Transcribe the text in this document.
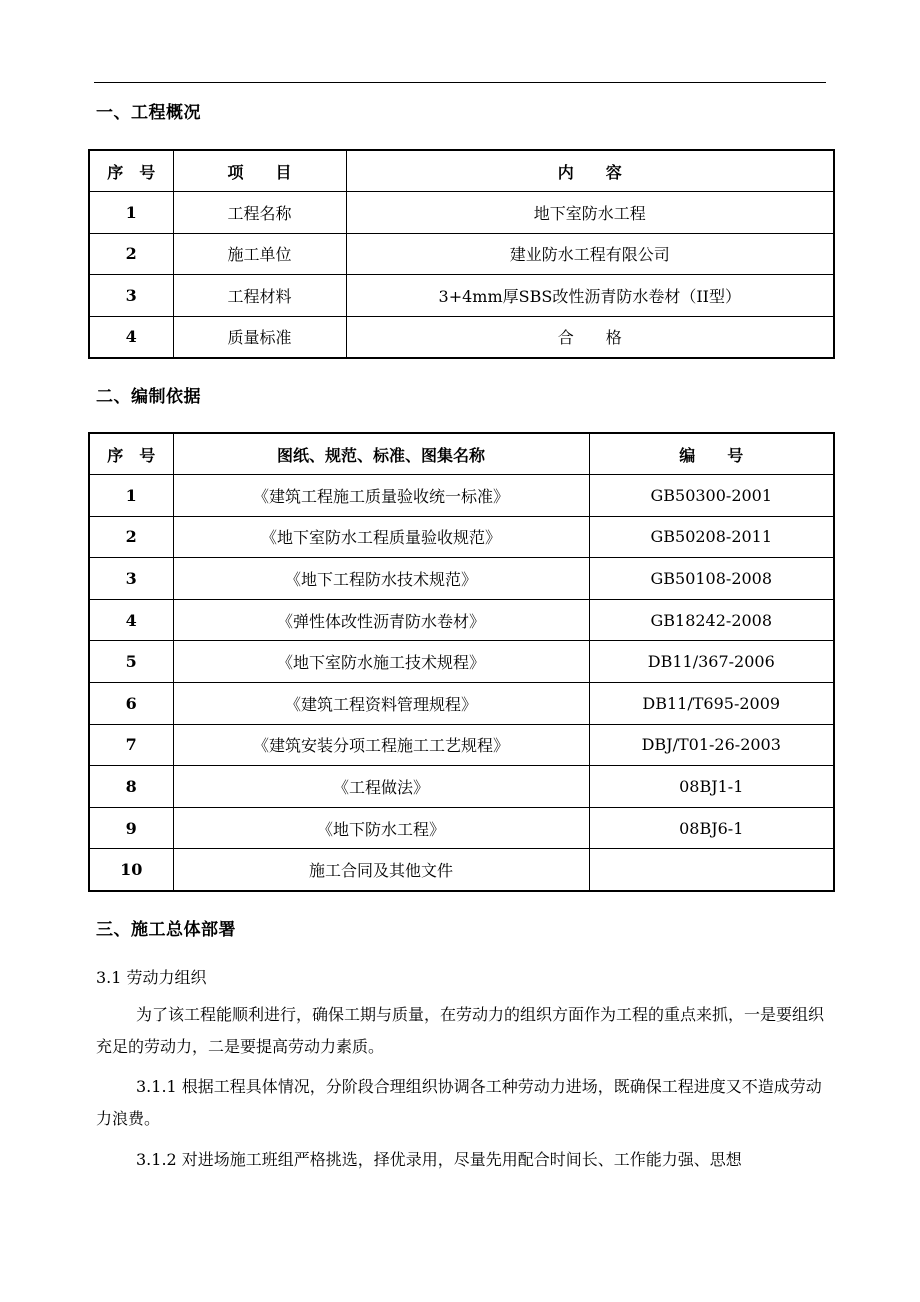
一、工程概况
序　号	项　　目	内　　容
1	工程名称	地下室防水工程
2	施工单位	建业防水工程有限公司
3	工程材料	3+4mm厚SBS改性沥青防水卷材（II型）
4	质量标准	合　　格
二、编制依据
序　号	图纸、规范、标准、图集名称	编　　号
1	《建筑工程施工质量验收统一标准》	GB50300-2001
2	《地下室防水工程质量验收规范》	GB50208-2011
3	《地下工程防水技术规范》	GB50108-2008
4	《弹性体改性沥青防水卷材》	GB18242-2008
5	《地下室防水施工技术规程》	DB11/367-2006
6	《建筑工程资料管理规程》	DB11/T695-2009
7	《建筑安装分项工程施工工艺规程》	DBJ/T01-26-2003
8	《工程做法》	08BJ1-1
9	《地下防水工程》	08BJ6-1
10	施工合同及其他文件	
三、施工总体部署
3.1 劳动力组织
为了该工程能顺利进行，确保工期与质量，在劳动力的组织方面作为工程的重点来抓，一是要组织充足的劳动力，二是要提高劳动力素质。
3.1.1 根据工程具体情况，分阶段合理组织协调各工种劳动力进场，既确保工程进度又不造成劳动力浪费。
3.1.2 对进场施工班组严格挑选，择优录用，尽量先用配合时间长、工作能力强、思想
